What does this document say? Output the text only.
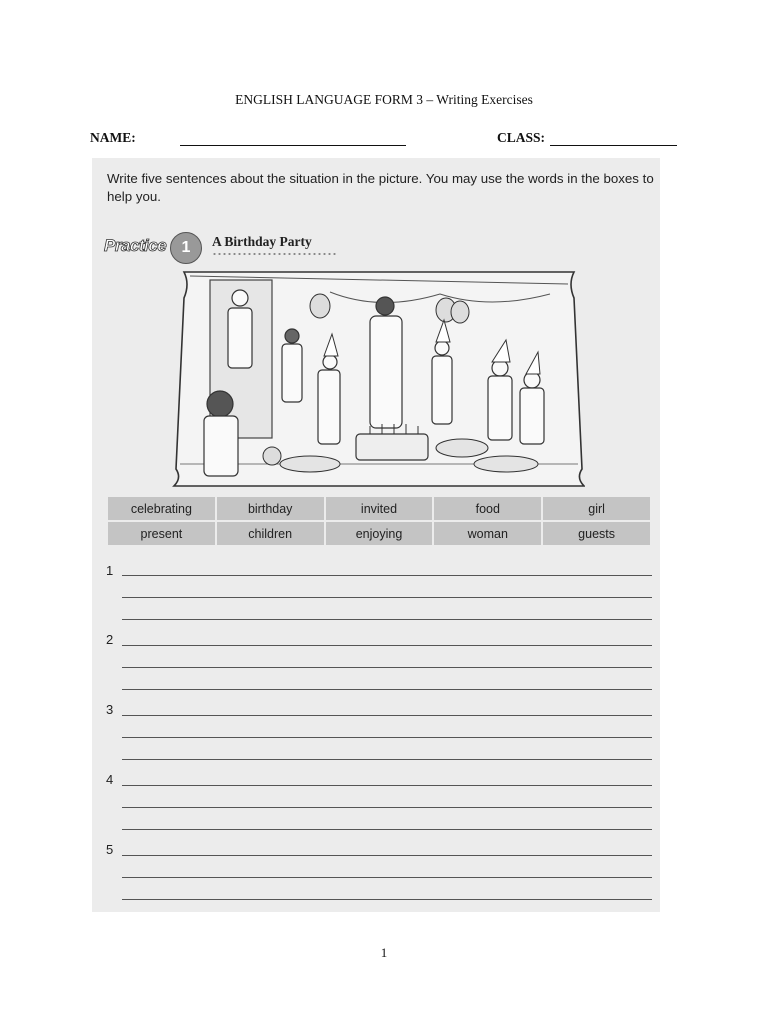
ENGLISH LANGUAGE FORM 3 – Writing Exercises
NAME:	CLASS:
Write five sentences about the situation in the picture. You may use the words in the boxes to help you.
Practice 1	A Birthday Party
celebrating	birthday	invited	food	girl
present	children	enjoying	woman	guests
1
2
3
4
5
1
